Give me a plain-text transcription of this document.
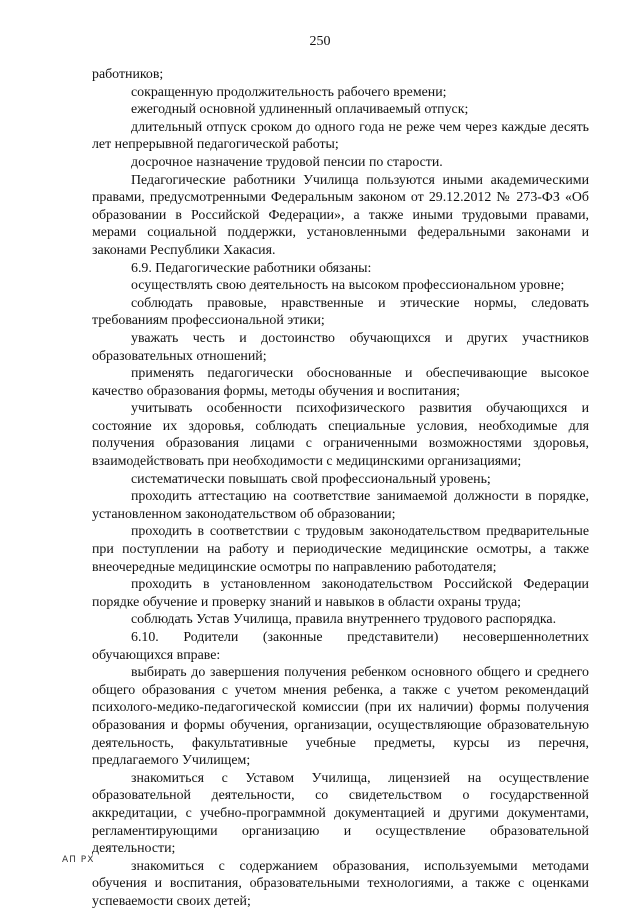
250

работников;

сокращенную продолжительность рабочего времени;

ежегодный основной удлиненный оплачиваемый отпуск;

длительный отпуск сроком до одного года не реже чем через каждые десять лет непрерывной педагогической работы;

досрочное назначение трудовой пенсии по старости.

Педагогические работники Училища пользуются иными академическими правами, предусмотренными Федеральным законом от 29.12.2012 № 273-ФЗ «Об образовании в Российской Федерации», а также иными трудовыми правами, мерами социальной поддержки, установленными федеральными законами и законами Республики Хакасия.

6.9. Педагогические работники обязаны:

осуществлять свою деятельность на высоком профессиональном уровне;

соблюдать правовые, нравственные и этические нормы, следовать требованиям профессиональной этики;

уважать честь и достоинство обучающихся и других участников образовательных отношений;

применять педагогически обоснованные и обеспечивающие высокое качество образования формы, методы обучения и воспитания;

учитывать особенности психофизического развития обучающихся и состояние их здоровья, соблюдать специальные условия, необходимые для получения образования лицами с ограниченными возможностями здоровья, взаимодействовать при необходимости с медицинскими организациями;

систематически повышать свой профессиональный уровень;

проходить аттестацию на соответствие занимаемой должности в порядке, установленном законодательством об образовании;

проходить в соответствии с трудовым законодательством предварительные при поступлении на работу и периодические медицинские осмотры, а также внеочередные медицинские осмотры по направлению работодателя;

проходить в установленном законодательством Российской Федерации порядке обучение и проверку знаний и навыков в области охраны труда;

соблюдать Устав Училища, правила внутреннего трудового распорядка.

6.10. Родители (законные представители) несовершеннолетних обучающихся вправе:

выбирать до завершения получения ребенком основного общего и среднего общего образования с учетом мнения ребенка, а также с учетом рекомендаций психолого-медико-педагогической комиссии (при их наличии) формы получения образования и формы обучения, организации, осуществляющие образовательную деятельность, факультативные учебные предметы, курсы из перечня, предлагаемого Училищем;

знакомиться с Уставом Училища, лицензией на осуществление образовательной деятельности, со свидетельством о государственной аккредитации, с учебно-программной документацией и другими документами, регламентирующими организацию и осуществление образовательной деятельности;

знакомиться с содержанием образования, используемыми методами обучения и воспитания, образовательными технологиями, а также с оценками успеваемости своих детей;

АП РХ
